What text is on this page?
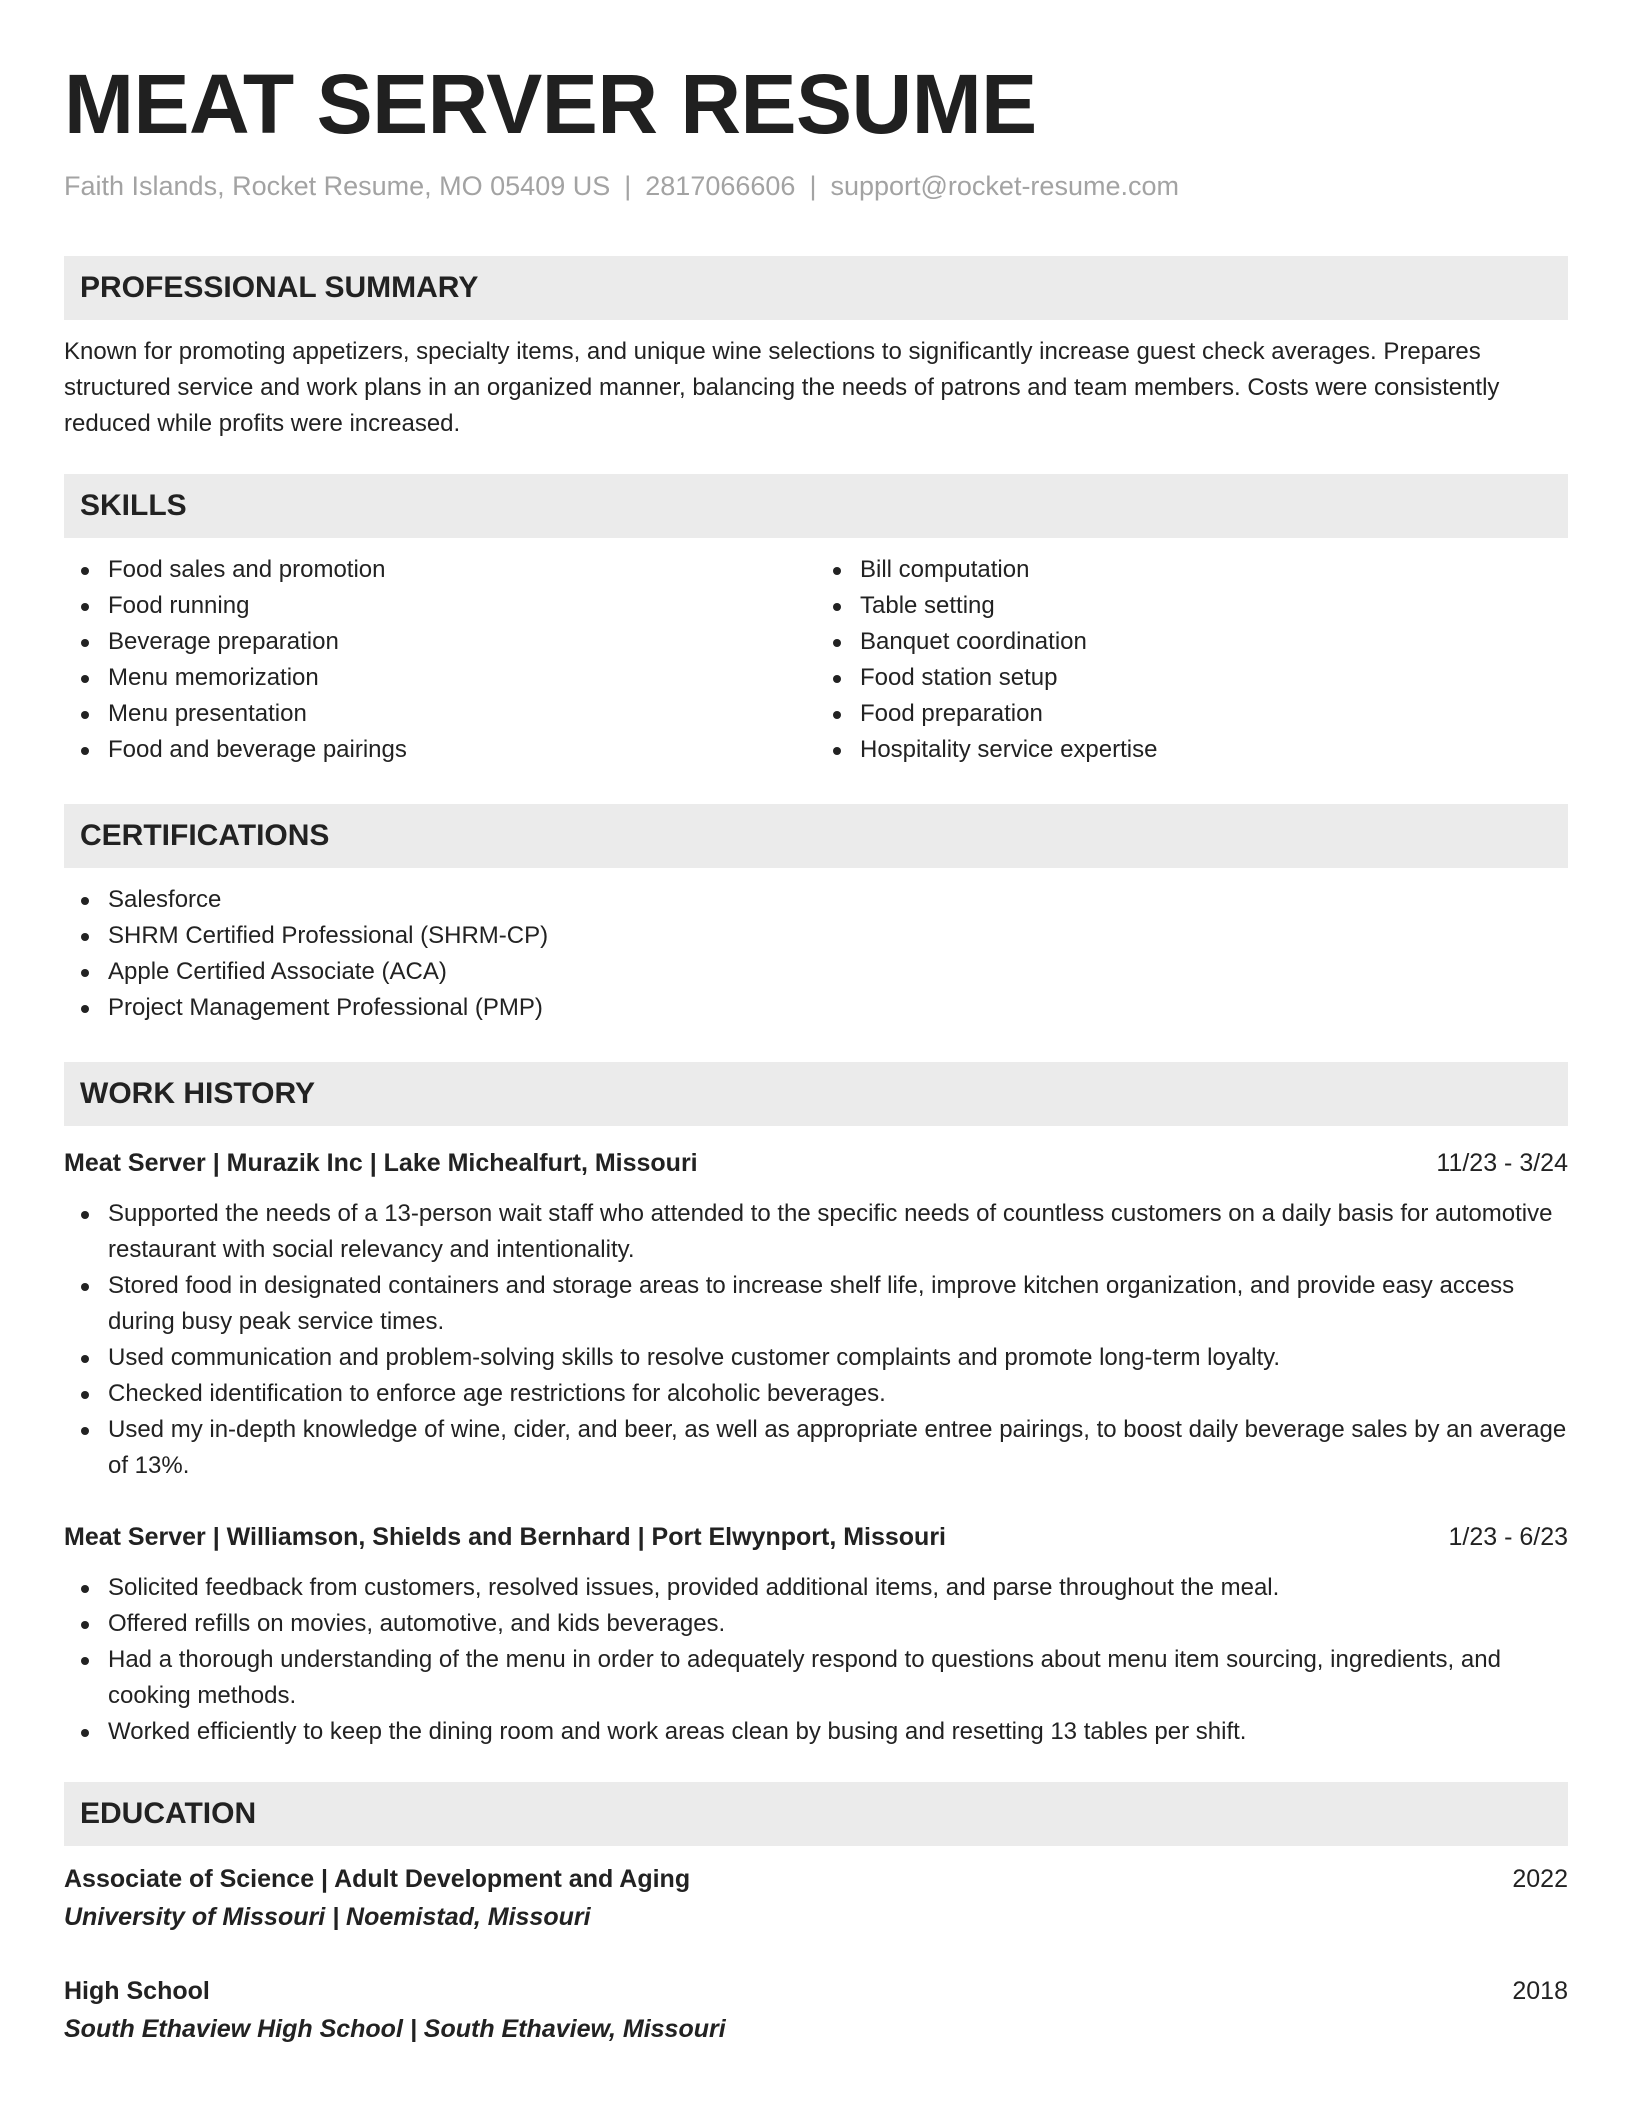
MEAT SERVER RESUME
Faith Islands, Rocket Resume, MO 05409 US | 2817066606 | support@rocket-resume.com
PROFESSIONAL SUMMARY

Known for promoting appetizers, specialty items, and unique wine selections to significantly increase guest check averages. Prepares structured service and work plans in an organized manner, balancing the needs of patrons and team members. Costs were consistently reduced while profits were increased.

SKILLS
Food sales and promotion
Food running
Beverage preparation
Menu memorization
Menu presentation
Food and beverage pairings
Bill computation
Table setting
Banquet coordination
Food station setup
Food preparation
Hospitality service expertise
CERTIFICATIONS
Salesforce
SHRM Certified Professional (SHRM-CP)
Apple Certified Associate (ACA)
Project Management Professional (PMP)
WORK HISTORY
Meat Server | Murazik Inc | Lake Michealfurt, Missouri	11/23 - 3/24
Supported the needs of a 13-person wait staff who attended to the specific needs of countless customers on a daily basis for automotive restaurant with social relevancy and intentionality.
Stored food in designated containers and storage areas to increase shelf life, improve kitchen organization, and provide easy access during busy peak service times.
Used communication and problem-solving skills to resolve customer complaints and promote long-term loyalty.
Checked identification to enforce age restrictions for alcoholic beverages.
Used my in-depth knowledge of wine, cider, and beer, as well as appropriate entree pairings, to boost daily beverage sales by an average of 13%.
Meat Server | Williamson, Shields and Bernhard | Port Elwynport, Missouri	1/23 - 6/23
Solicited feedback from customers, resolved issues, provided additional items, and parse throughout the meal.
Offered refills on movies, automotive, and kids beverages.
Had a thorough understanding of the menu in order to adequately respond to questions about menu item sourcing, ingredients, and cooking methods.
Worked efficiently to keep the dining room and work areas clean by busing and resetting 13 tables per shift.
EDUCATION
Associate of Science | Adult Development and Aging	2022
University of Missouri | Noemistad, Missouri
High School	2018
South Ethaview High School | South Ethaview, Missouri
